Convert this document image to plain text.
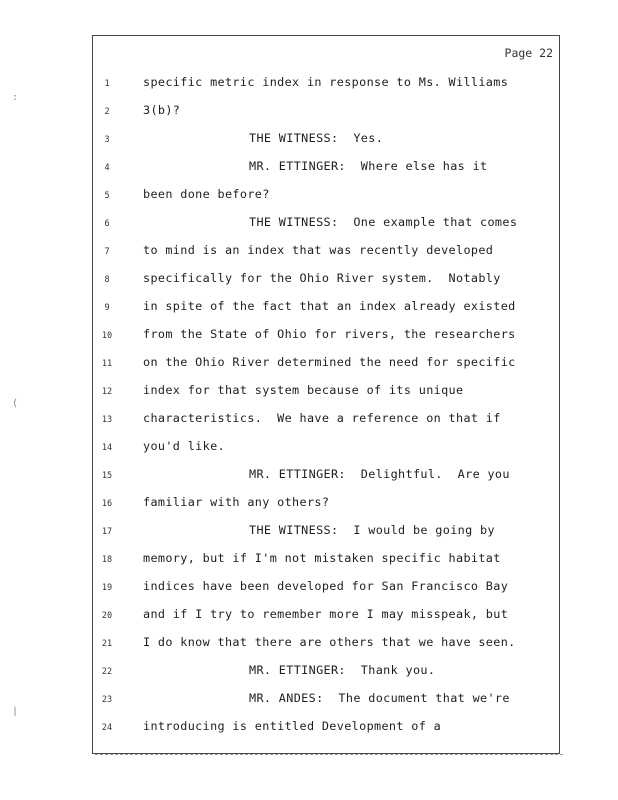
Page 22
1	specific metric index in response to Ms. Williams
2	3(b)?
3	THE WITNESS:  Yes.
4	MR. ETTINGER:  Where else has it
5	been done before?
6	THE WITNESS:  One example that comes
7	to mind is an index that was recently developed
8	specifically for the Ohio River system.  Notably
9	in spite of the fact that an index already existed
10	from the State of Ohio for rivers, the researchers
11	on the Ohio River determined the need for specific
12	index for that system because of its unique
13	characteristics.  We have a reference on that if
14	you'd like.
15	MR. ETTINGER:  Delightful.  Are you
16	familiar with any others?
17	THE WITNESS:  I would be going by
18	memory, but if I'm not mistaken specific habitat
19	indices have been developed for San Francisco Bay
20	and if I try to remember more I may misspeak, but
21	I do know that there are others that we have seen.
22	MR. ETTINGER:  Thank you.
23	MR. ANDES:  The document that we're
24	introducing is entitled Development of a
:
(
|
